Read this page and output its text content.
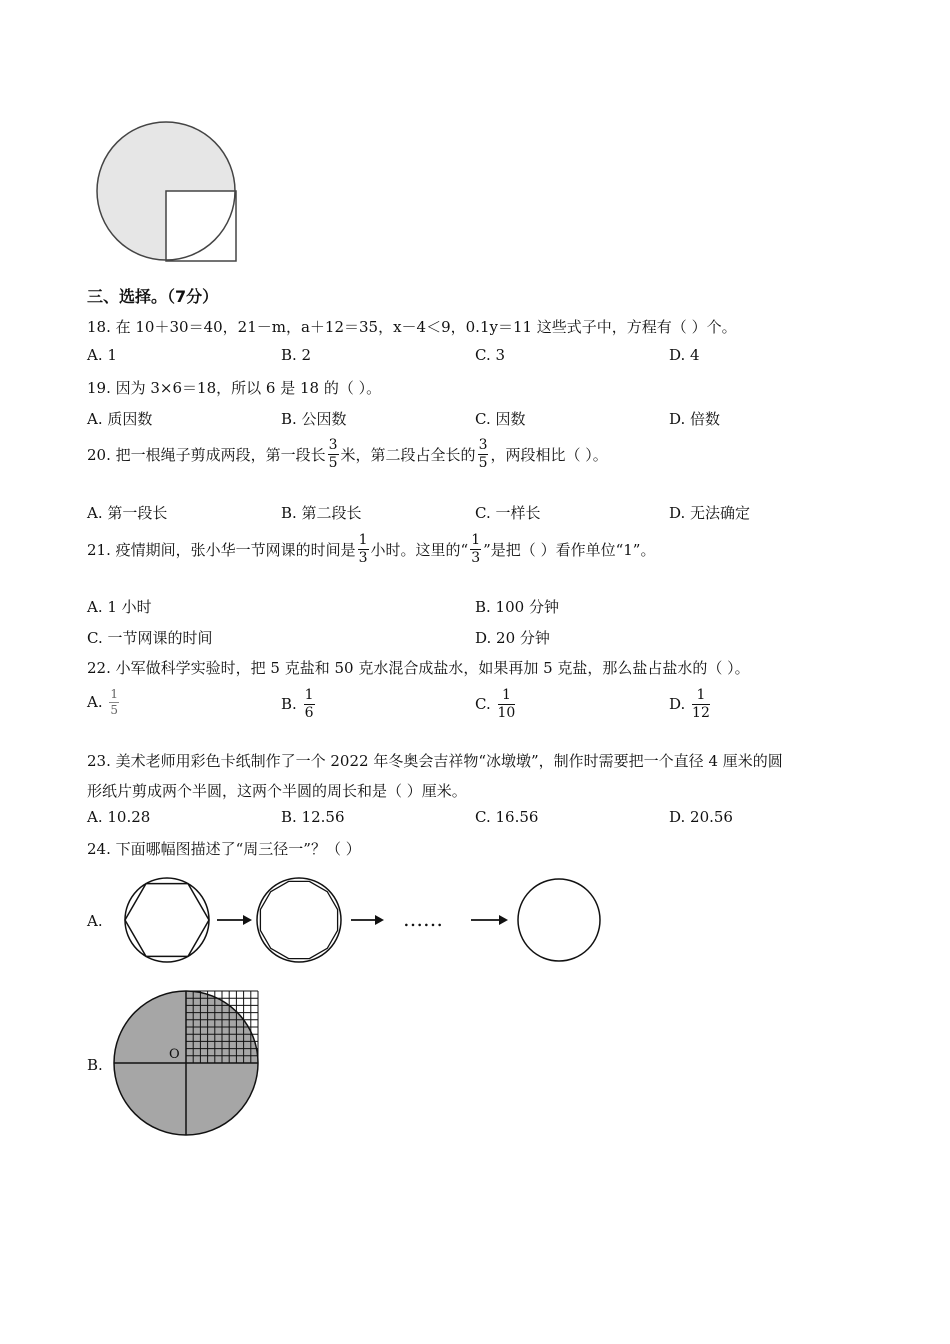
三、选择。（7分）
18. 在 10＋30＝40，21－m，a＋12＝35，x－4＜9，0.1y＝11 这些式子中，方程有（ ）个。
A. 1	B. 2	C. 3	D. 4
19. 因为 3×6＝18，所以 6 是 18 的（ ）。
A. 质因数	B. 公因数	C. 因数	D. 倍数
20. 把一根绳子剪成两段，第一段长 $\frac{3}{5}$ 米，第二段占全长的 $\frac{3}{5}$ ，两段相比（ ）。
A. 第一段长	B. 第二段长	C. 一样长	D. 无法确定
21. 疫情期间，张小华一节网课的时间是 $\frac{1}{3}$ 小时。这里的“ $\frac{1}{3}$ ”是把（ ）看作单位“1”。
A. 1 小时	B. 100 分钟
C. 一节网课的时间	D. 20 分钟
22. 小军做科学实验时，把 5 克盐和 50 克水混合成盐水，如果再加 5 克盐，那么盐占盐水的（ ）。
A. $\frac{1}{5}$	B. $\frac{1}{6}$	C. $\frac{1}{10}$	D. $\frac{1}{12}$
23. 美术老师用彩色卡纸制作了一个 2022 年冬奥会吉祥物“冰墩墩”，制作时需要把一个直径 4 厘米的圆
形纸片剪成两个半圆，这两个半圆的周长和是（ ）厘米。
A. 10.28	B. 12.56	C. 16.56	D. 20.56
24. 下面哪幅图描述了“周三径一”？（ ）
A.	……
B.
O
